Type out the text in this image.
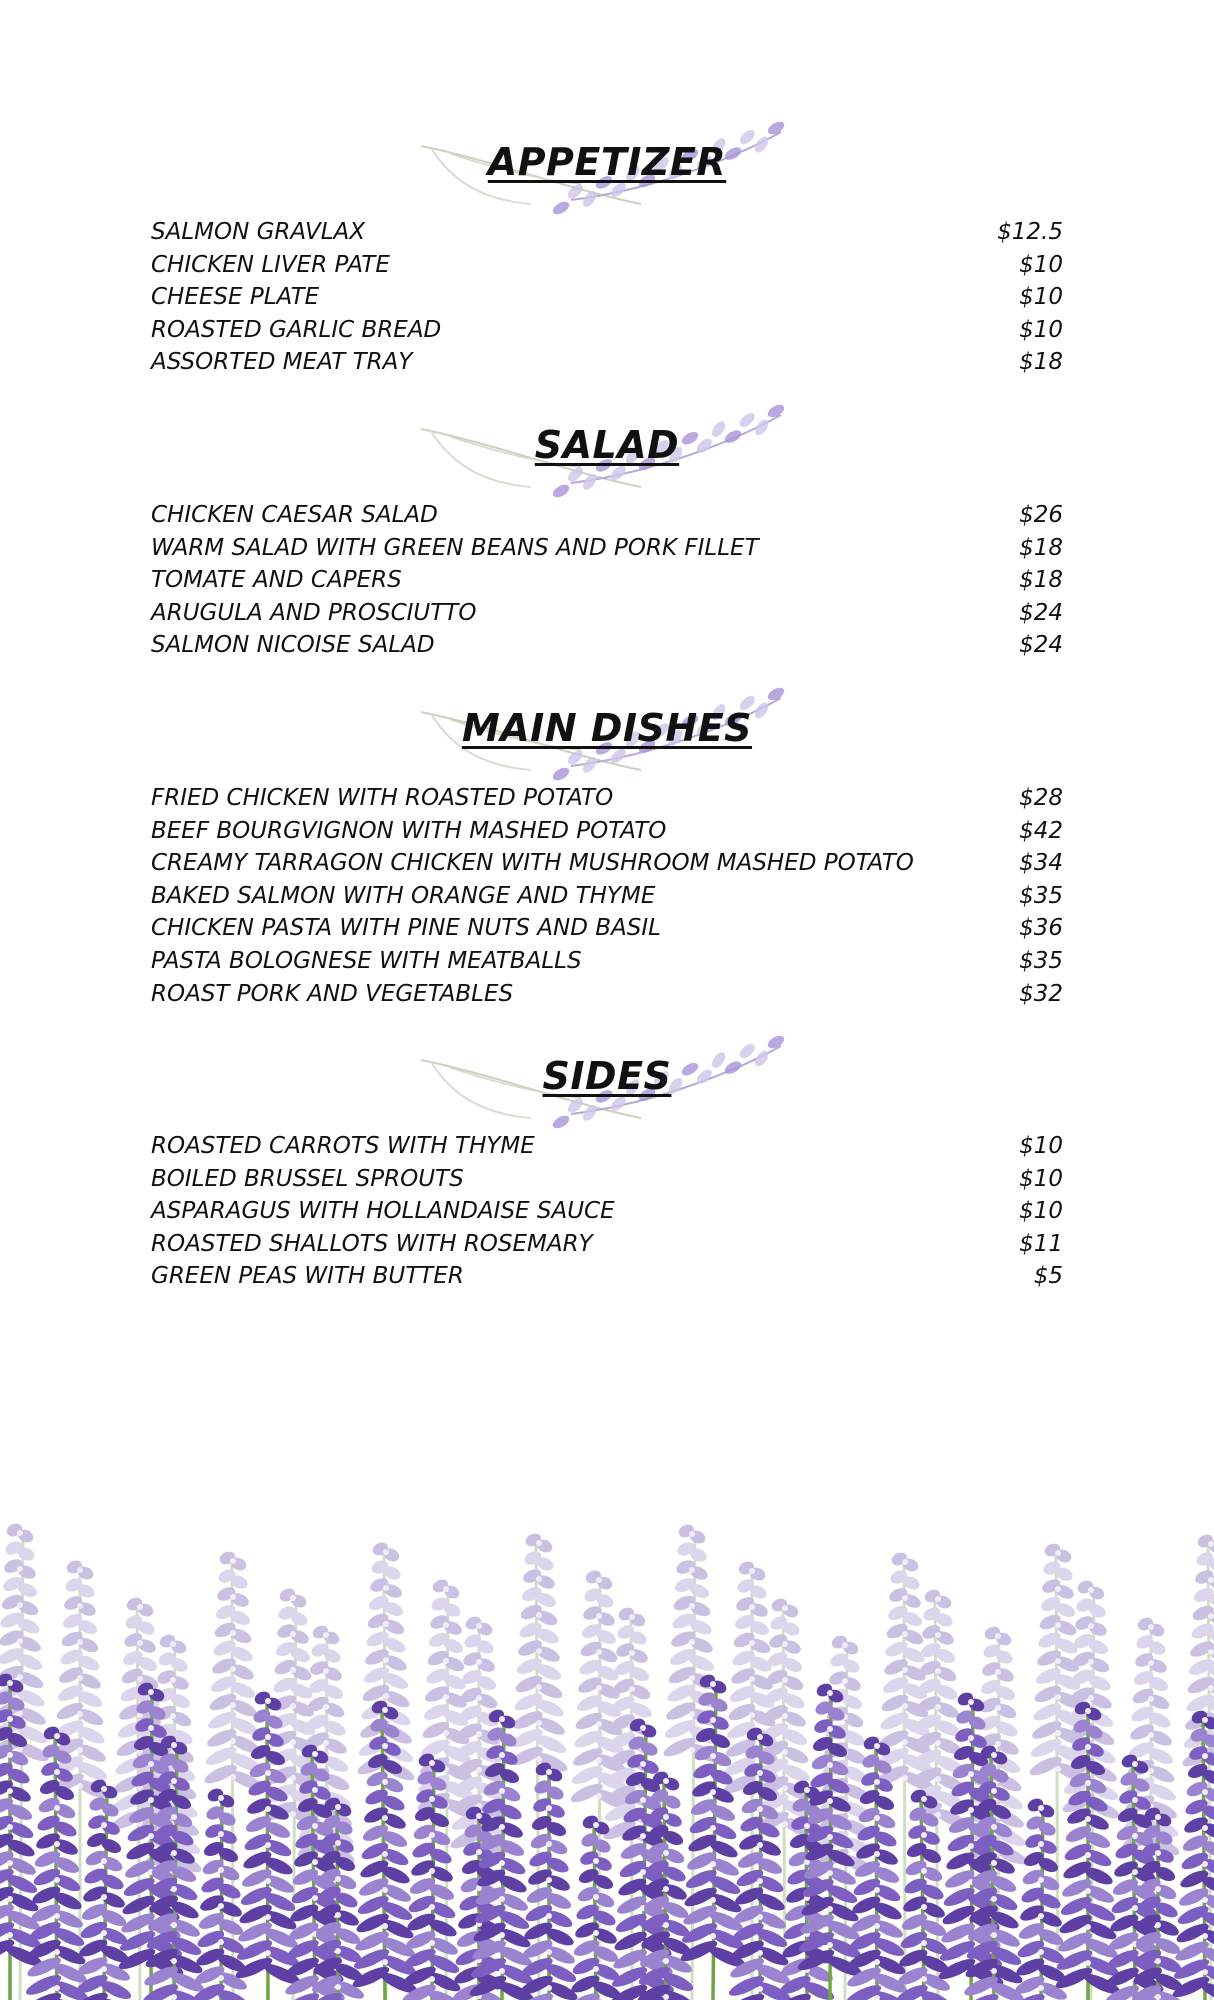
APPETIZER
SALMON GRAVLAX	$12.5
CHICKEN LIVER PATE	$10
CHEESE PLATE	$10
ROASTED GARLIC BREAD	$10
ASSORTED MEAT TRAY	$18
SALAD
CHICKEN CAESAR SALAD	$26
WARM SALAD WITH GREEN BEANS AND PORK FILLET	$18
TOMATE AND CAPERS	$18
ARUGULA AND PROSCIUTTO	$24
SALMON NICOISE SALAD	$24
MAIN DISHES
FRIED CHICKEN WITH ROASTED POTATO	$28
BEEF BOURGVIGNON WITH MASHED POTATO	$42
CREAMY TARRAGON CHICKEN WITH MUSHROOM MASHED POTATO	$34
BAKED SALMON WITH ORANGE AND THYME	$35
CHICKEN PASTA WITH PINE NUTS AND BASIL	$36
PASTA BOLOGNESE WITH MEATBALLS	$35
ROAST PORK AND VEGETABLES	$32
SIDES
ROASTED CARROTS WITH THYME	$10
BOILED BRUSSEL SPROUTS	$10
ASPARAGUS WITH HOLLANDAISE SAUCE	$10
ROASTED SHALLOTS WITH ROSEMARY	$11
GREEN PEAS WITH BUTTER	$5
